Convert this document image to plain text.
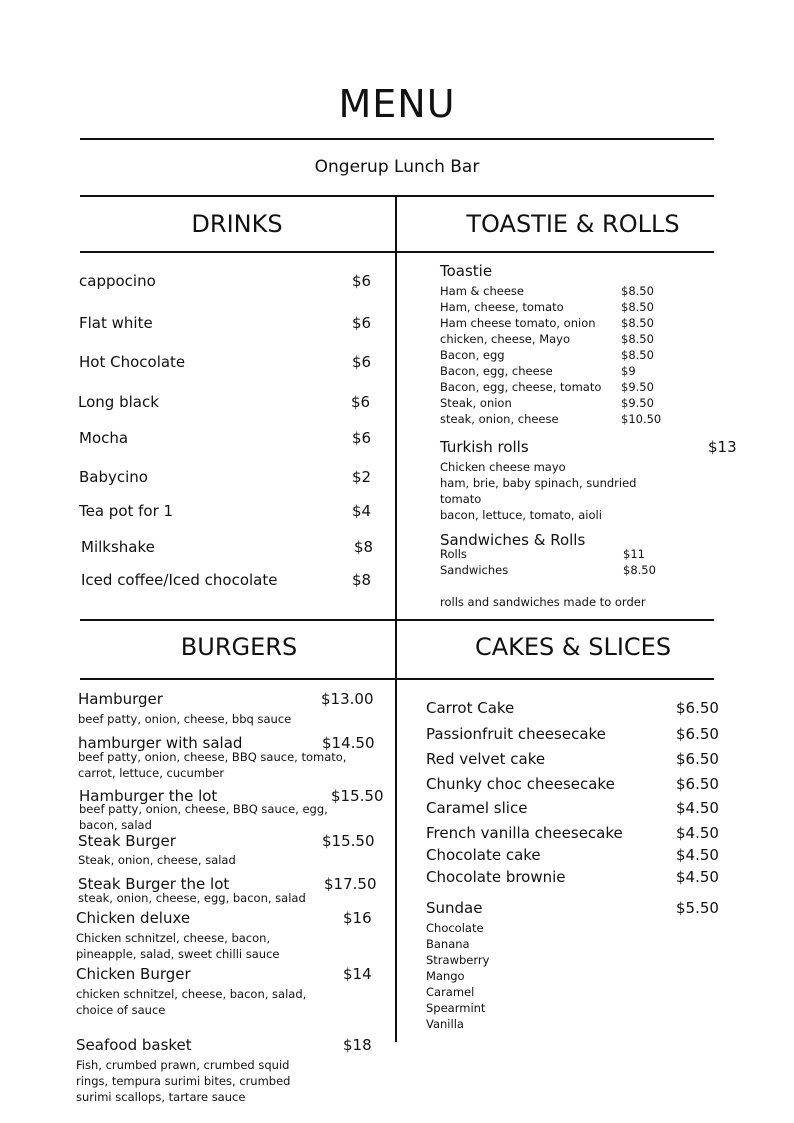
MENU
Ongerup Lunch Bar
DRINKS	TOASTIE & ROLLS
cappocino	$6
Flat white	$6
Hot Chocolate	$6
Long black	$6
Mocha	$6
Babycino	$2
Tea pot for 1	$4
Milkshake	$8
Iced coffee/Iced chocolate	$8
Toastie
Ham & cheese	$8.50
Ham, cheese, tomato	$8.50
Ham cheese tomato, onion $8.50
chicken, cheese, Mayo	$8.50
Bacon, egg	$8.50
Bacon, egg, cheese	$9
Bacon, egg, cheese, tomato $9.50
Steak, onion	$9.50
steak, onion, cheese	$10.50
Turkish rolls	$13
Chicken cheese mayo
ham, brie, baby spinach, sundried
tomato
bacon, lettuce, tomato, aioli
Sandwiches & Rolls
Rolls	$11
Sandwiches	$8.50
rolls and sandwiches made to order
BURGERS	CAKES & SLICES
Hamburger	$13.00
beef patty, onion, cheese, bbq sauce
hamburger with salad	$14.50
beef patty, onion, cheese, BBQ sauce, tomato,
carrot, lettuce, cucumber
Hamburger the lot	$15.50
beef patty, onion, cheese, BBQ sauce, egg,
bacon, salad
Steak Burger	$15.50
Steak, onion, cheese, salad
Steak Burger the lot	$17.50
steak, onion, cheese, egg, bacon, salad
Chicken deluxe	$16
Chicken schnitzel, cheese, bacon,
pineapple, salad, sweet chilli sauce
Chicken Burger	$14
chicken schnitzel, cheese, bacon, salad,
choice of sauce
Seafood basket	$18
Fish, crumbed prawn, crumbed squid
rings, tempura surimi bites, crumbed
surimi scallops, tartare sauce
Carrot Cake	$6.50
Passionfruit cheesecake	$6.50
Red velvet cake	$6.50
Chunky choc cheesecake	$6.50
Caramel slice	$4.50
French vanilla cheesecake	$4.50
Chocolate cake	$4.50
Chocolate brownie	$4.50
Sundae	$5.50
Chocolate
Banana
Strawberry
Mango
Caramel
Spearmint
Vanilla
